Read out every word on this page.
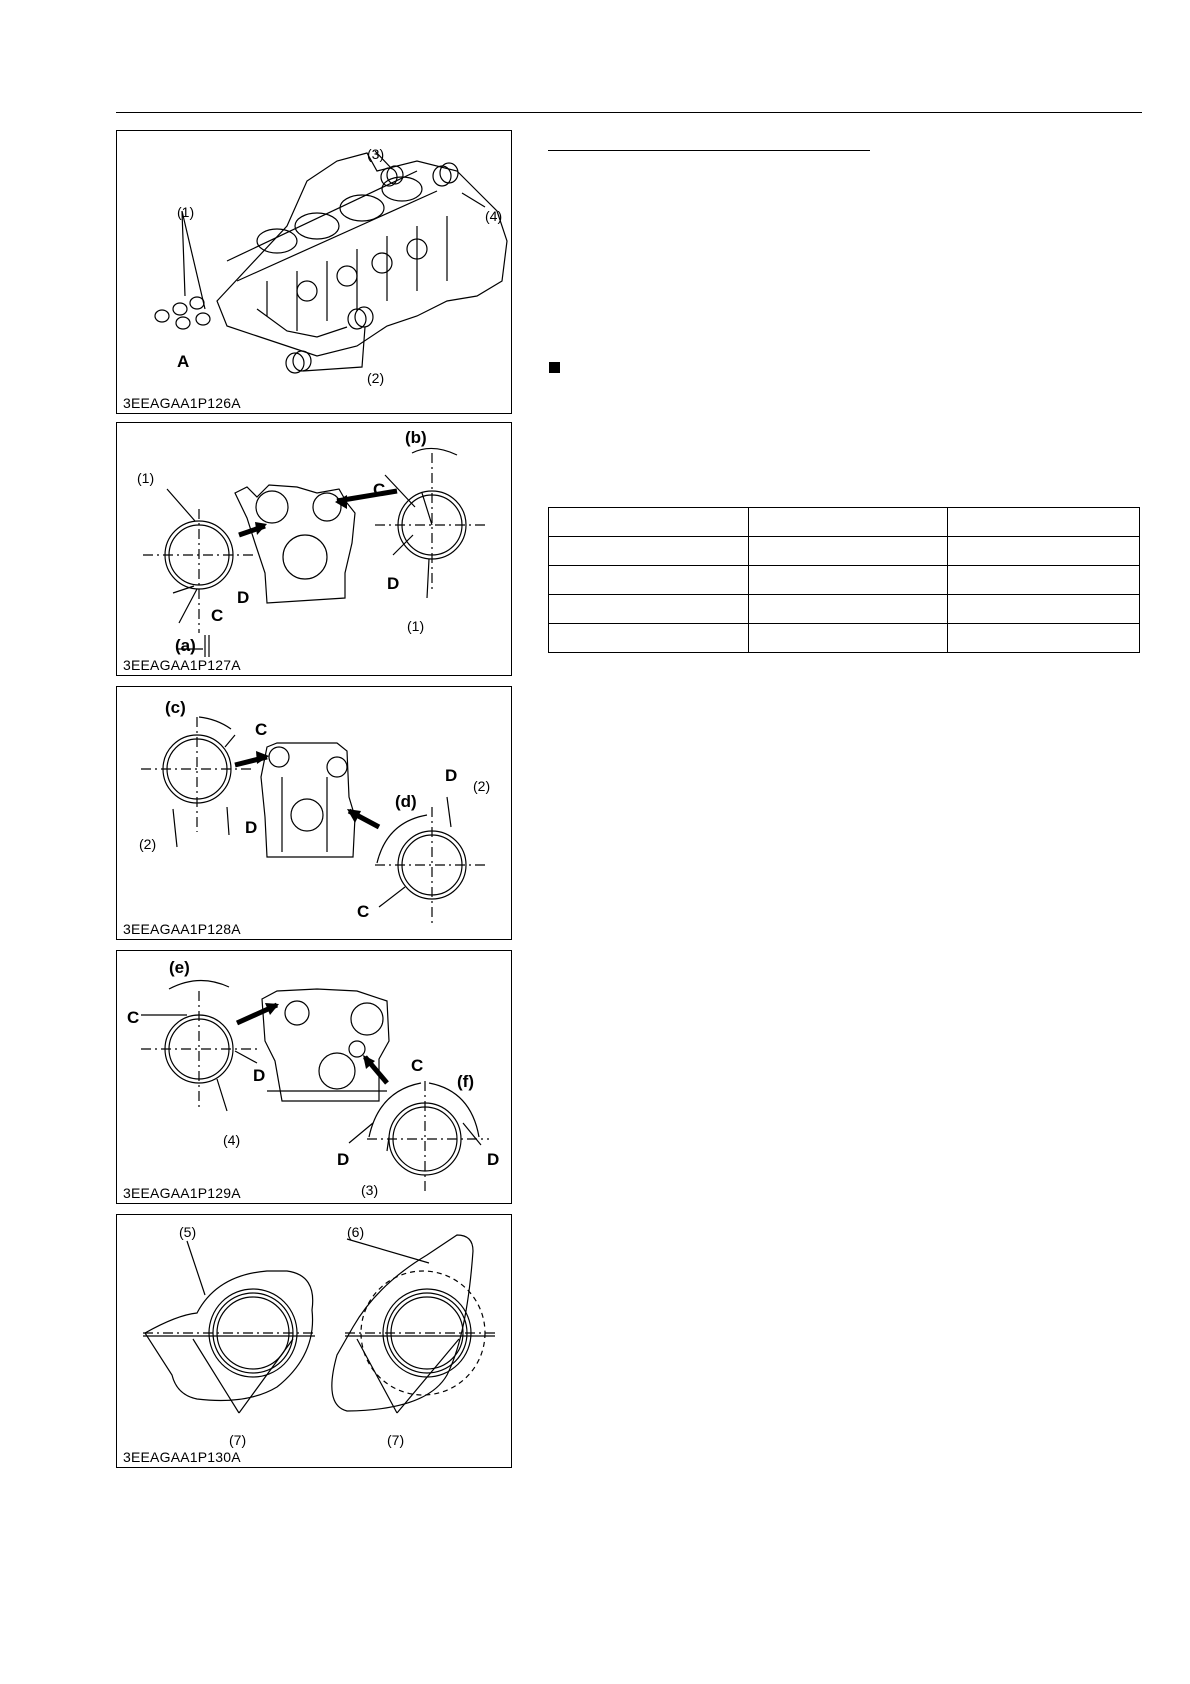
(1)
(3)
(4)
(2)
A
3EEAGAA1P126A
(1)
(1)
(b)
(a)
C
C
D
D
3EEAGAA1P127A
(c)
(d)
(2)
(2)
C
C
D
D
3EEAGAA1P128A
(e)
(f)
(4)
(3)
C
C
D
D	D
3EEAGAA1P129A
(5)	(6)
(7)	(7)
3EEAGAA1P130A
